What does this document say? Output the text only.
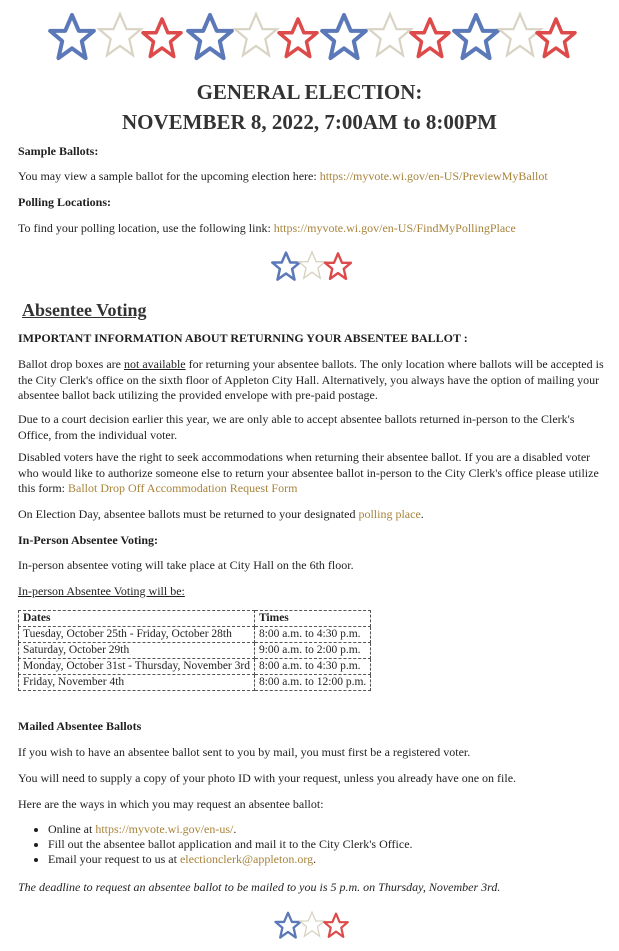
GENERAL ELECTION:
NOVEMBER 8, 2022, 7:00AM to 8:00PM

Sample Ballots:

You may view a sample ballot for the upcoming election here: https://myvote.wi.gov/en-US/PreviewMyBallot

Polling Locations:

To find your polling location, use the following link: https://myvote.wi.gov/en-US/FindMyPollingPlace

Absentee Voting

IMPORTANT INFORMATION ABOUT RETURNING YOUR ABSENTEE BALLOT :

Ballot drop boxes are not available for returning your absentee ballots. The only location where ballots will be accepted is the City Clerk's office on the sixth floor of Appleton City Hall. Alternatively, you always have the option of mailing your absentee ballot back utilizing the provided envelope with pre-paid postage.

Due to a court decision earlier this year, we are only able to accept absentee ballots returned in-person to the Clerk's Office, from the individual voter.

Disabled voters have the right to seek accommodations when returning their absentee ballot. If you are a disabled voter who would like to authorize someone else to return your absentee ballot in-person to the City Clerk's office please utilize this form: Ballot Drop Off Accommodation Request Form

On Election Day, absentee ballots must be returned to your designated polling place.

In-Person Absentee Voting:

In-person absentee voting will take place at City Hall on the 6th floor.

In-person Absentee Voting will be:

Dates	Times
Tuesday, October 25th - Friday, October 28th	8:00 a.m. to 4:30 p.m.
Saturday, October 29th	9:00 a.m. to 2:00 p.m.
Monday, October 31st - Thursday, November 3rd	8:00 a.m. to 4:30 p.m.
Friday, November 4th	8:00 a.m. to 12:00 p.m.

Mailed Absentee Ballots

If you wish to have an absentee ballot sent to you by mail, you must first be a registered voter.

You will need to supply a copy of your photo ID with your request, unless you already have one on file.

Here are the ways in which you may request an absentee ballot:

• Online at https://myvote.wi.gov/en-us/.
• Fill out the absentee ballot application and mail it to the City Clerk's Office.
• Email your request to us at electionclerk@appleton.org.

The deadline to request an absentee ballot to be mailed to you is 5 p.m. on Thursday, November 3rd.
